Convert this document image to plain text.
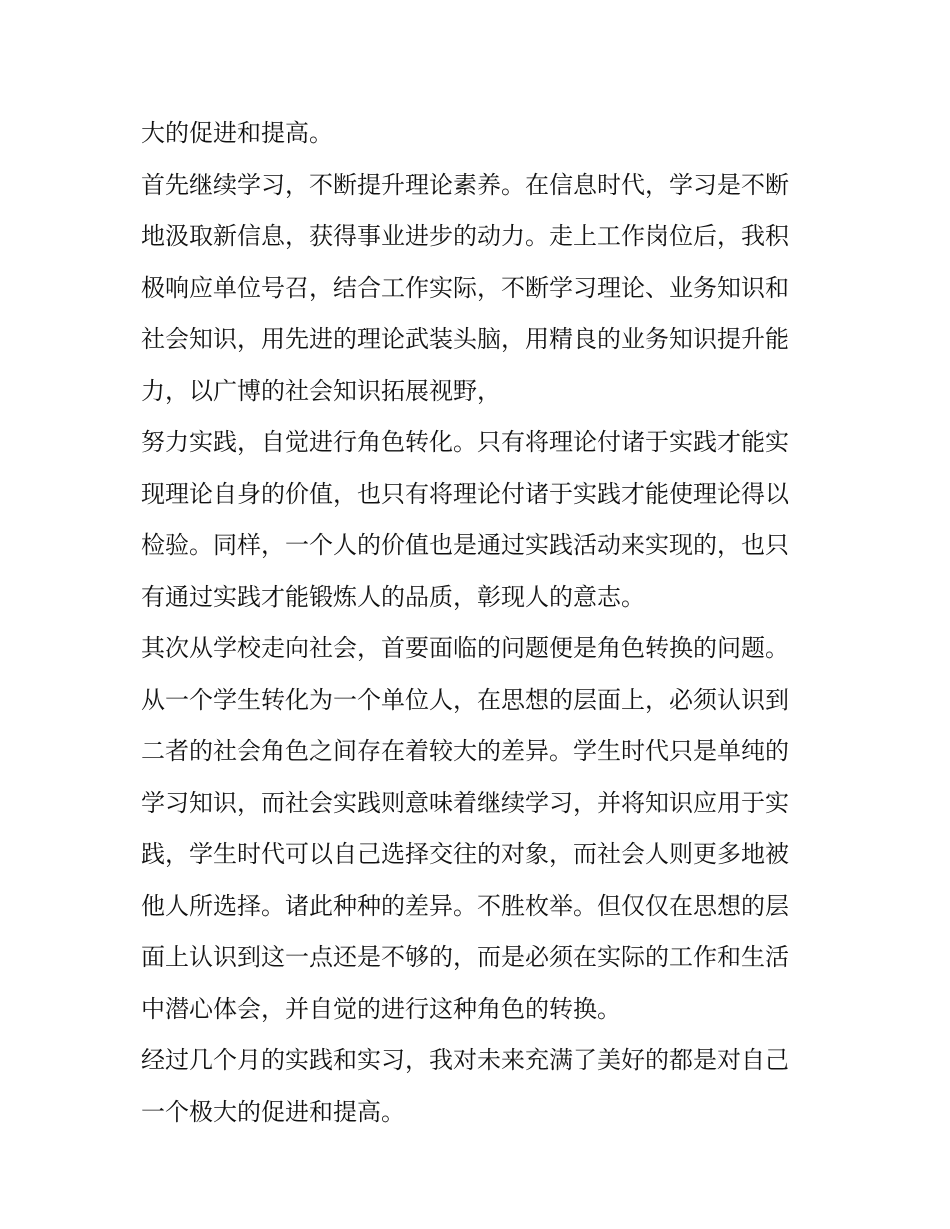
大的促进和提高。
首先继续学习，不断提升理论素养。在信息时代，学习是不断
地汲取新信息，获得事业进步的动力。走上工作岗位后，我积
极响应单位号召，结合工作实际，不断学习理论、业务知识和
社会知识，用先进的理论武装头脑，用精良的业务知识提升能
力，以广博的社会知识拓展视野，
努力实践，自觉进行角色转化。只有将理论付诸于实践才能实
现理论自身的价值，也只有将理论付诸于实践才能使理论得以
检验。同样，一个人的价值也是通过实践活动来实现的，也只
有通过实践才能锻炼人的品质，彰现人的意志。
其次从学校走向社会，首要面临的问题便是角色转换的问题。
从一个学生转化为一个单位人，在思想的层面上，必须认识到
二者的社会角色之间存在着较大的差异。学生时代只是单纯的
学习知识，而社会实践则意味着继续学习，并将知识应用于实
践，学生时代可以自己选择交往的对象，而社会人则更多地被
他人所选择。诸此种种的差异。不胜枚举。但仅仅在思想的层
面上认识到这一点还是不够的，而是必须在实际的工作和生活
中潜心体会，并自觉的进行这种角色的转换。
经过几个月的实践和实习，我对未来充满了美好的都是对自己
一个极大的促进和提高。
